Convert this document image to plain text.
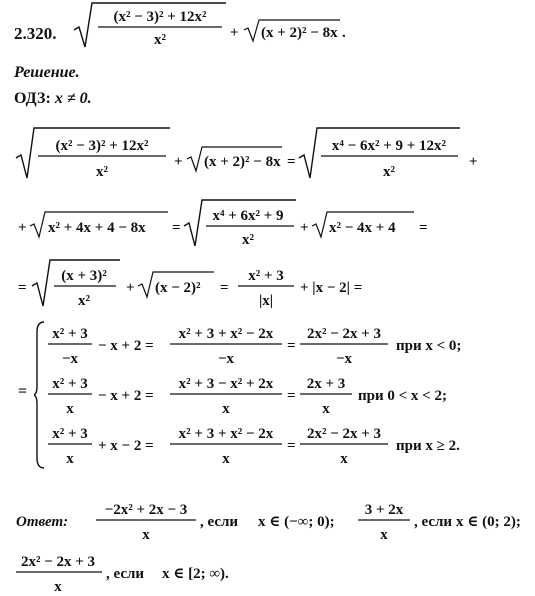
2.320.
(x² − 3)² + 12x²
x²	+ (x + 2)² − 8x .
Решение.
ОДЗ: x ≠ 0.
(x² − 3)² + 12x²
x²
+ (x + 2)² − 8x =
x⁴ − 6x² + 9 + 12x²
x²
+
+ x² + 4x + 4 − 8x =
x⁴ + 6x² + 9
x²
+ x² − 4x + 4 =
=
(x + 3)²
x²
+ (x − 2)² =
x² + 3
|x|
+ |x − 2| =
=
x² + 3
−x
− x + 2 =
x² + 3 + x² − 2x
−x
=
2x² − 2x + 3
−x
при x < 0;
x² + 3
x
− x + 2 =
x² + 3 − x² + 2x
x
=
2x + 3
x
при 0 < x < 2;
x² + 3
x
+ x − 2 =
x² + 3 + x² − 2x
x
=
2x² − 2x + 3
x
при x ≥ 2.
Ответ:
−2x² + 2x − 3
x
, если x ∈ (−∞; 0);
3 + 2x
x
, если x ∈ (0; 2);
2x² − 2x + 3
x
, если x ∈ [2; ∞).
